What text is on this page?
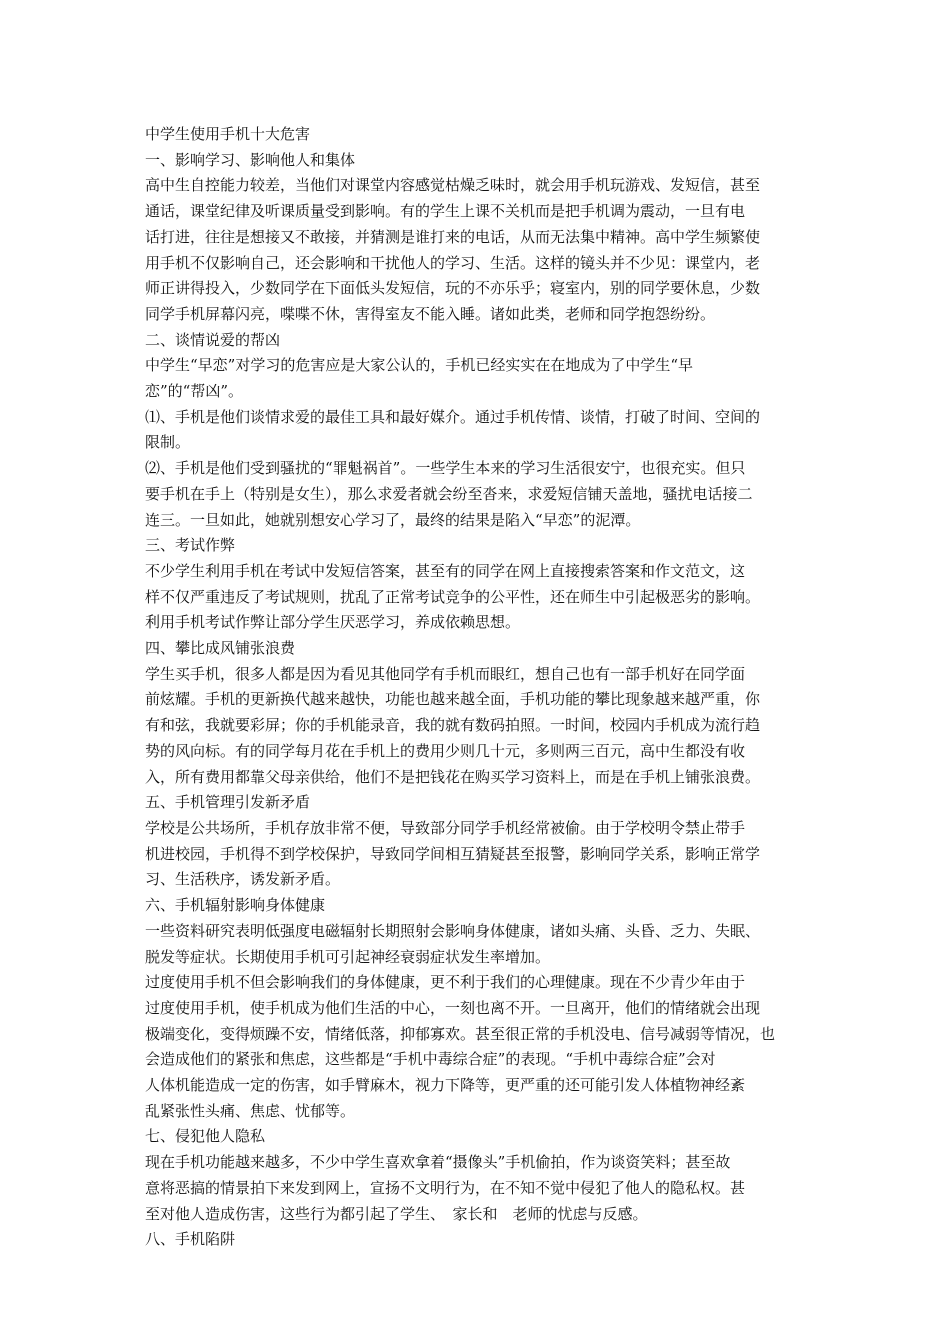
中学生使用手机十大危害
一、影响学习、影响他人和集体
高中生自控能力较差，当他们对课堂内容感觉枯燥乏味时，就会用手机玩游戏、发短信，甚至
通话，课堂纪律及听课质量受到影响。有的学生上课不关机而是把手机调为震动，一旦有电
话打进，往往是想接又不敢接，并猜测是谁打来的电话，从而无法集中精神。高中学生频繁使
用手机不仅影响自己，还会影响和干扰他人的学习、生活。这样的镜头并不少见：课堂内，老
师正讲得投入，少数同学在下面低头发短信，玩的不亦乐乎；寝室内，别的同学要休息，少数
同学手机屏幕闪亮，喋喋不休，害得室友不能入睡。诸如此类，老师和同学抱怨纷纷。
二、谈情说爱的帮凶
中学生“早恋”对学习的危害应是大家公认的，手机已经实实在在地成为了中学生“早
恋”的“帮凶”。
⑴、手机是他们谈情求爱的最佳工具和最好媒介。通过手机传情、谈情，打破了时间、空间的
限制。
⑵、手机是他们受到骚扰的“罪魁祸首”。一些学生本来的学习生活很安宁，也很充实。但只
要手机在手上（特别是女生），那么求爱者就会纷至沓来，求爱短信铺天盖地，骚扰电话接二
连三。一旦如此，她就别想安心学习了，最终的结果是陷入“早恋”的泥潭。
三、考试作弊
不少学生利用手机在考试中发短信答案，甚至有的同学在网上直接搜索答案和作文范文，这
样不仅严重违反了考试规则，扰乱了正常考试竞争的公平性，还在师生中引起极恶劣的影响。
利用手机考试作弊让部分学生厌恶学习，养成依赖思想。
四、攀比成风铺张浪费
学生买手机，很多人都是因为看见其他同学有手机而眼红，想自己也有一部手机好在同学面
前炫耀。手机的更新换代越来越快，功能也越来越全面，手机功能的攀比现象越来越严重，你
有和弦，我就要彩屏；你的手机能录音，我的就有数码拍照。一时间，校园内手机成为流行趋
势的风向标。有的同学每月花在手机上的费用少则几十元，多则两三百元，高中生都没有收
入，所有费用都靠父母亲供给，他们不是把钱花在购买学习资料上，而是在手机上铺张浪费。
五、手机管理引发新矛盾
学校是公共场所，手机存放非常不便，导致部分同学手机经常被偷。由于学校明令禁止带手
机进校园，手机得不到学校保护，导致同学间相互猜疑甚至报警，影响同学关系，影响正常学
习、生活秩序，诱发新矛盾。
六、手机辐射影响身体健康
一些资料研究表明低强度电磁辐射长期照射会影响身体健康，诸如头痛、头昏、乏力、失眠、
脱发等症状。长期使用手机可引起神经衰弱症状发生率增加。
过度使用手机不但会影响我们的身体健康，更不利于我们的心理健康。现在不少青少年由于
过度使用手机，使手机成为他们生活的中心，一刻也离不开。一旦离开，他们的情绪就会出现
极端变化，变得烦躁不安，情绪低落，抑郁寡欢。甚至很正常的手机没电、信号减弱等情况，也
会造成他们的紧张和焦虑，这些都是“手机中毒综合症”的表现。“手机中毒综合症”会对
人体机能造成一定的伤害，如手臂麻木，视力下降等，更严重的还可能引发人体植物神经紊
乱紧张性头痛、焦虑、忧郁等。
七、侵犯他人隐私
现在手机功能越来越多，不少中学生喜欢拿着“摄像头”手机偷拍，作为谈资笑料；甚至故
意将恶搞的情景拍下来发到网上，宣扬不文明行为，在不知不觉中侵犯了他人的隐私权。甚
至对他人造成伤害，这些行为都引起了学生、　家长和　老师的忧虑与反感。
八、手机陷阱
